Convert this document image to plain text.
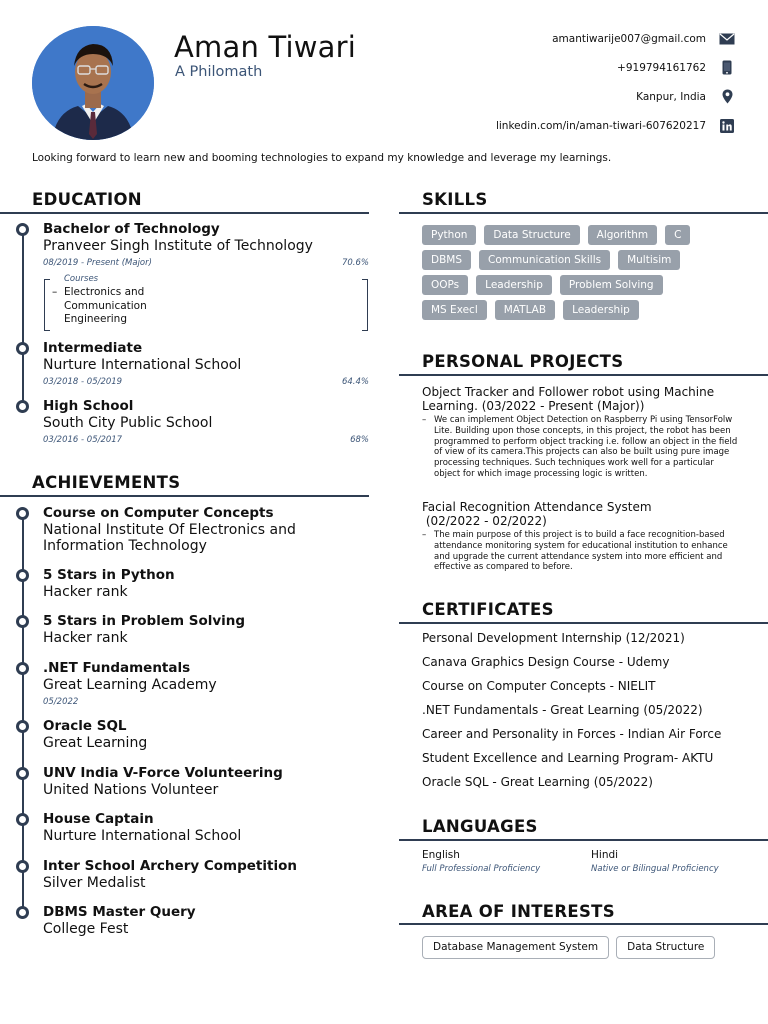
Aman Tiwari
A Philomath
amantiwarije007@gmail.com
+919794161762
Kanpur, India
linkedin.com/in/aman-tiwari-607620217
Looking forward to learn new and booming technologies to expand my knowledge and leverage my learnings.
EDUCATION
Bachelor of Technology
Pranveer Singh Institute of Technology
08/2019 - Present (Major)	70.6%
Courses
– Electronics and Communication Engineering
Intermediate
Nurture International School
03/2018 - 05/2019	64.4%
High School
South City Public School
03/2016 - 05/2017	68%
ACHIEVEMENTS
Course on Computer Concepts
National Institute Of Electronics and Information Technology
5 Stars in Python
Hacker rank
5 Stars in Problem Solving
Hacker rank
.NET Fundamentals
Great Learning Academy
05/2022
Oracle SQL
Great Learning
UNV India V-Force Volunteering
United Nations Volunteer
House Captain
Nurture International School
Inter School Archery Competition
Silver Medalist
DBMS Master Query
College Fest
SKILLS
Python	Data Structure	Algorithm	C
DBMS	Communication Skills	Multisim
OOPs	Leadership	Problem Solving
MS Execl	MATLAB	Leadership
PERSONAL PROJECTS
Object Tracker and Follower robot using Machine
Learning. (03/2022 - Present (Major))
– We can implement Object Detection on Raspberry Pi using TensorFolw Lite. Building upon those concepts, in this project, the robot has been programmed to perform object tracking i.e. follow an object in the field of view of its camera.This projects can also be built using pure image processing techniques. Such techniques work well for a particular object for which image processing logic is written.
Facial Recognition Attendance System
(02/2022 - 02/2022)
– The main purpose of this project is to build a face recognition-based attendance monitoring system for educational institution to enhance and upgrade the current attendance system into more efficient and effective as compared to before.
CERTIFICATES
Personal Development Internship (12/2021)
Canava Graphics Design Course - Udemy
Course on Computer Concepts - NIELIT
.NET Fundamentals - Great Learning (05/2022)
Career and Personality in Forces - Indian Air Force
Student Excellence and Learning Program- AKTU
Oracle SQL - Great Learning (05/2022)
LANGUAGES
English
Full Professional Proficiency
Hindi
Native or Bilingual Proficiency
AREA OF INTERESTS
Database Management System	Data Structure
